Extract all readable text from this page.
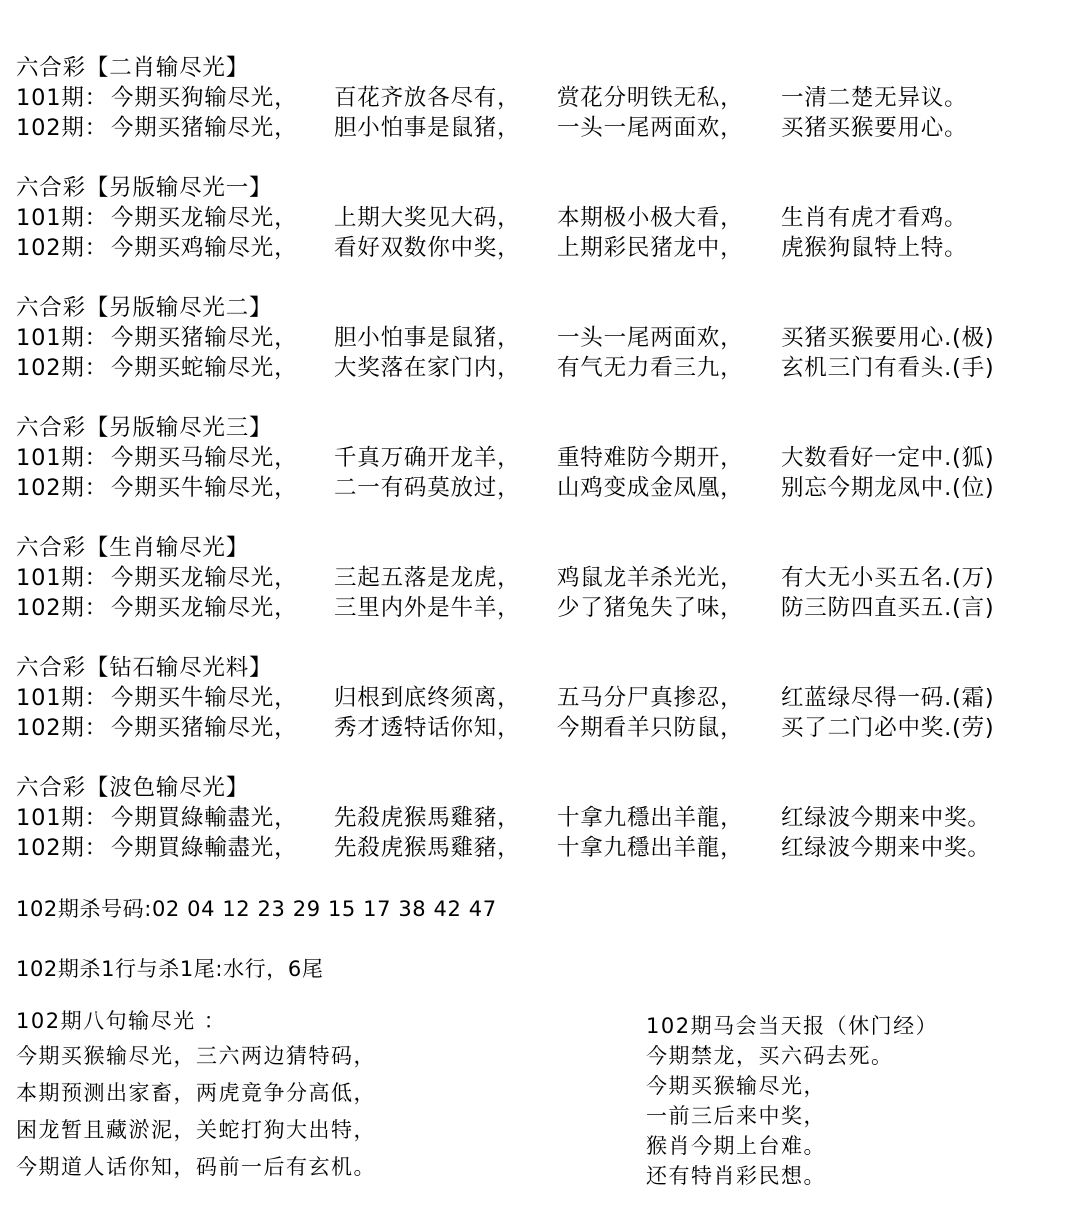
六合彩【二肖输尽光】
101期： 今期买狗输尽光， 百花齐放各尽有， 赏花分明铁无私， 一清二楚无异议。
102期： 今期买猪输尽光， 胆小怕事是鼠猪， 一头一尾两面欢， 买猪买猴要用心。
六合彩【另版输尽光一】
101期： 今期买龙输尽光， 上期大奖见大码， 本期极小极大看， 生肖有虎才看鸡。
102期： 今期买鸡输尽光， 看好双数你中奖， 上期彩民猪龙中， 虎猴狗鼠特上特。
六合彩【另版输尽光二】
101期： 今期买猪输尽光， 胆小怕事是鼠猪， 一头一尾两面欢， 买猪买猴要用心.(极)
102期： 今期买蛇输尽光， 大奖落在家门内， 有气无力看三九， 玄机三门有看头.(手)
六合彩【另版输尽光三】
101期： 今期买马输尽光， 千真万确开龙羊， 重特难防今期开， 大数看好一定中.(狐)
102期： 今期买牛输尽光， 二一有码莫放过， 山鸡变成金凤凰， 别忘今期龙凤中.(位)
六合彩【生肖输尽光】
101期： 今期买龙输尽光， 三起五落是龙虎， 鸡鼠龙羊杀光光， 有大无小买五名.(万)
102期： 今期买龙输尽光， 三里内外是牛羊， 少了猪兔失了味， 防三防四直买五.(言)
六合彩【钻石输尽光料】
101期： 今期买牛输尽光， 归根到底终须离， 五马分尸真掺忍， 红蓝绿尽得一码.(霜)
102期： 今期买猪输尽光， 秀才透特话你知， 今期看羊只防鼠， 买了二门必中奖.(劳)
六合彩【波色输尽光】
101期： 今期買綠輸盡光， 先殺虎猴馬雞豬， 十拿九穩出羊龍， 红绿波今期来中奖。
102期： 今期買綠輸盡光， 先殺虎猴馬雞豬， 十拿九穩出羊龍， 红绿波今期来中奖。
102期杀号码:02 04 12 23 29 15 17 38 42 47
102期杀1行与杀1尾:水行，6尾
102期八句输尽光 ：
今期买猴输尽光，三六两边猜特码，
本期预测出家畜，两虎竟争分高低，
困龙暂且藏淤泥，关蛇打狗大出特，
今期道人话你知，码前一后有玄机。
102期马会当天报（休门经）
今期禁龙，买六码去死。
今期买猴输尽光，
一前三后来中奖，
猴肖今期上台难。
还有特肖彩民想。
